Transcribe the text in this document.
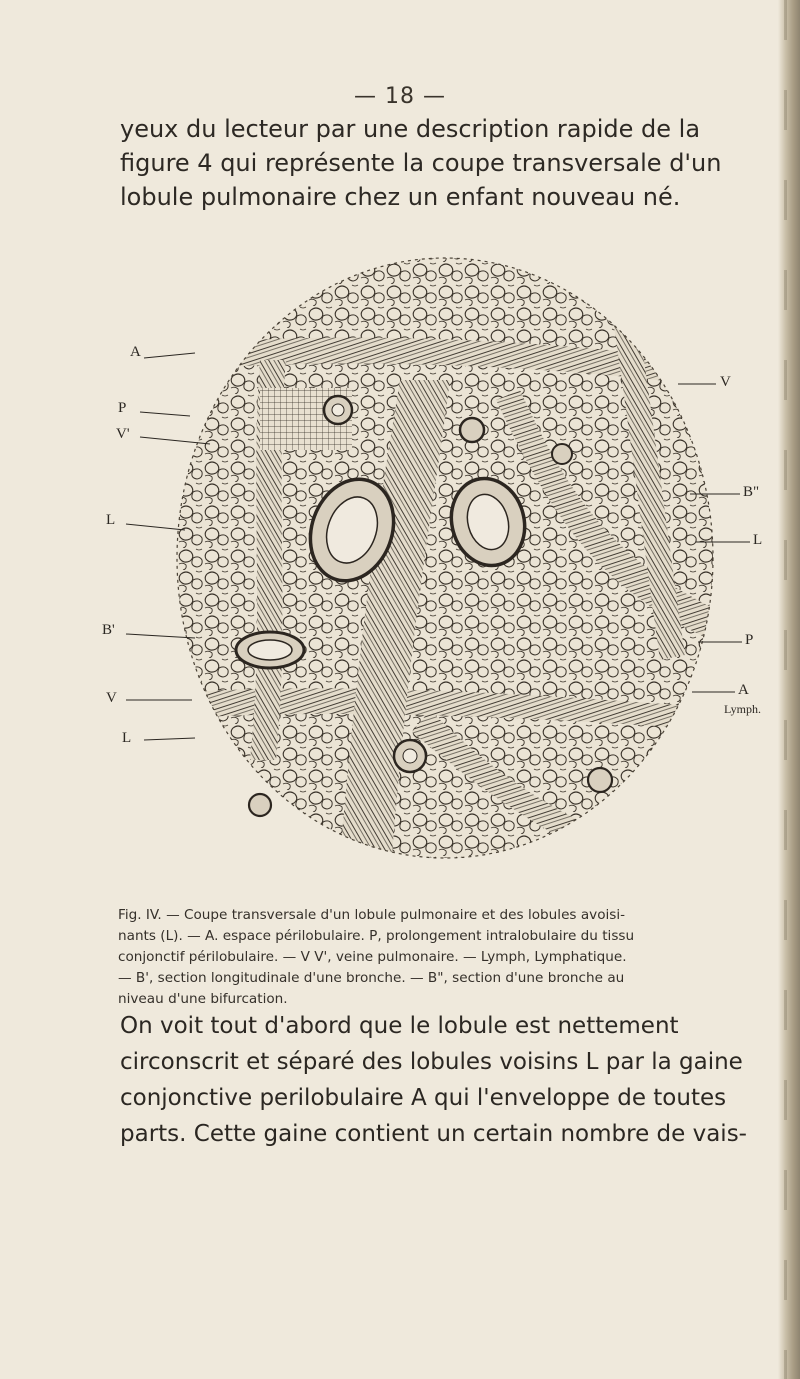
— 18 —
yeux du lecteur par une description rapide de la
figure 4 qui représente la coupe transversale d'un
lobule pulmonaire chez un enfant nouveau né.
A
P
V'
L
B'
V
L
V
B"
L
P
A
Lymph.
Fig. IV. — Coupe transversale d'un lobule pulmonaire et des lobules avoisi-
nants (L). — A. espace périlobulaire. P, prolongement intralobulaire du tissu
conjonctif périlobulaire. — V V', veine pulmonaire. — Lymph, Lymphatique.
— B', section longitudinale d'une bronche. — B", section d'une bronche au
niveau d'une bifurcation.
On voit tout d'abord que le lobule est nettement
circonscrit et séparé des lobules voisins L par la gaine
conjonctive perilobulaire A qui l'enveloppe de toutes
parts. Cette gaine contient un certain nombre de vais-
